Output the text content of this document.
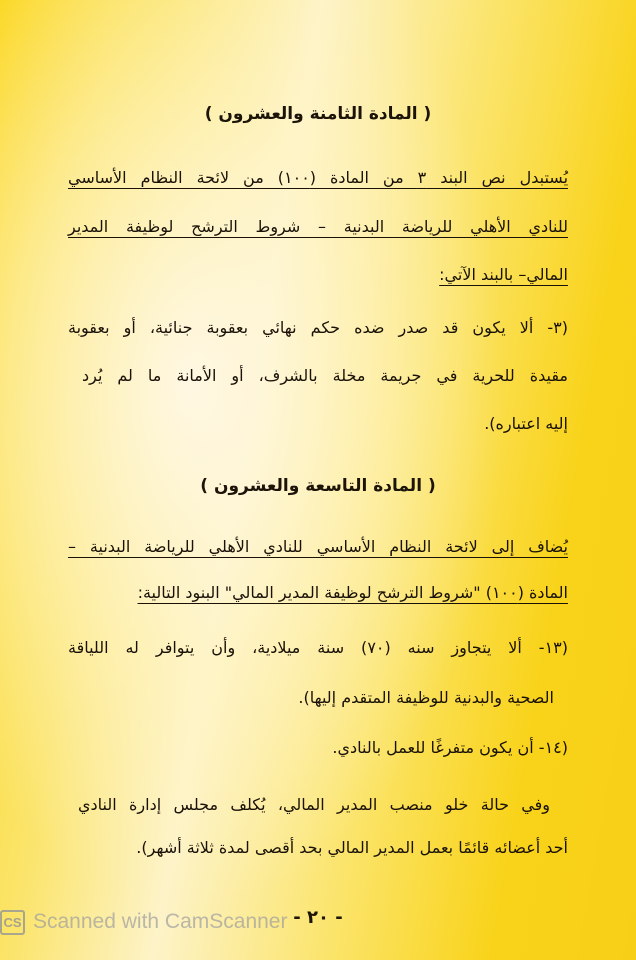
( المادة الثامنة والعشرون )
يُستبدل نص البند ٣ من المادة (١٠٠) من لائحة النظام الأساسي
للنادي الأهلي للرياضة البدنية – شروط الترشح لوظيفة المدير
المالي– بالبند الآتي:
(٣- ألا يكون قد صدر ضده حكم نهائي بعقوبة جنائية، أو بعقوبة
مقيدة للحرية في جريمة مخلة بالشرف، أو الأمانة ما لم يُرد
إليه اعتباره).
( المادة التاسعة والعشرون )
يُضاف إلى لائحة النظام الأساسي للنادي الأهلي للرياضة البدنية –
المادة (١٠٠) "شروط الترشح لوظيفة المدير المالي" البنود التالية:
(١٣- ألا يتجاوز سنه (٧٠) سنة ميلادية، وأن يتوافر له اللياقة
الصحية والبدنية للوظيفة المتقدم إليها).
(١٤- أن يكون متفرغًا للعمل بالنادي.
وفي حالة خلو منصب المدير المالي، يُكلف مجلس إدارة النادي
أحد أعضائه قائمًا بعمل المدير المالي بحد أقصى لمدة ثلاثة أشهر).
- ٢٠ -
CS Scanned with CamScanner
